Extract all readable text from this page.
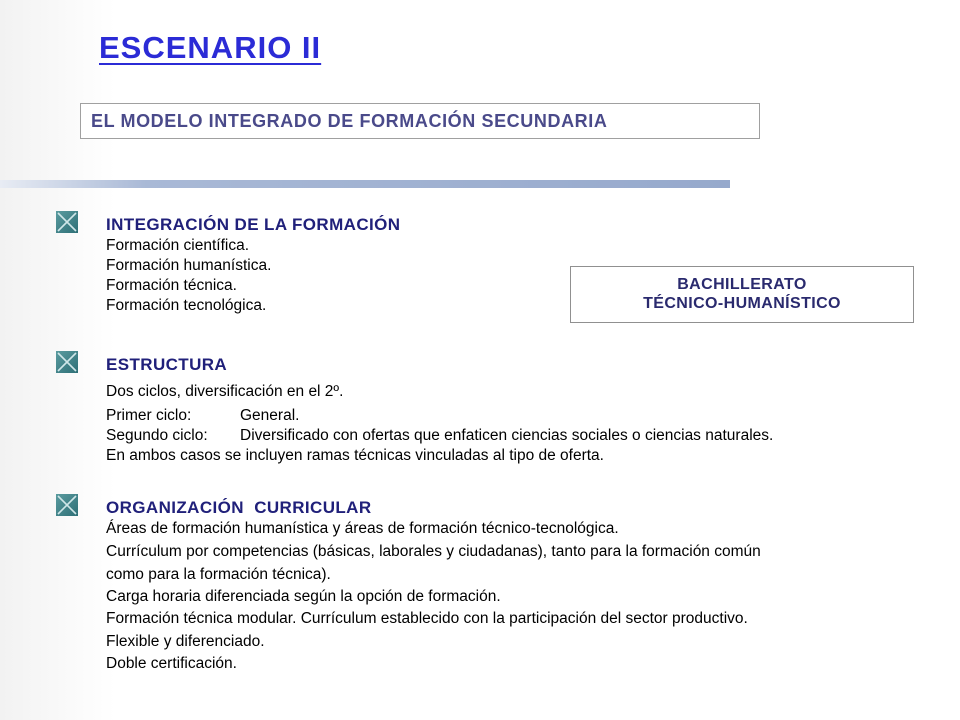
ESCENARIO II
EL MODELO INTEGRADO DE FORMACIÓN SECUNDARIA
BACHILLERATO
TÉCNICO-HUMANÍSTICO
INTEGRACIÓN DE LA FORMACIÓN
Formación científica.
Formación humanística.
Formación técnica.
Formación tecnológica.
ESTRUCTURA
Dos ciclos, diversificación en el 2º.
Primer ciclo:	General.
Segundo ciclo: Diversificado con ofertas que enfaticen ciencias sociales o ciencias naturales.
En ambos casos se incluyen ramas técnicas vinculadas al tipo de oferta.
ORGANIZACIÓN  CURRICULAR
Áreas de formación humanística y áreas de formación técnico-tecnológica.
Currículum por competencias (básicas, laborales y ciudadanas), tanto para la formación común
como para la formación técnica).
Carga horaria diferenciada según la opción de formación.
Formación técnica modular. Currículum establecido con la participación del sector productivo.
Flexible y diferenciado.
Doble certificación.
